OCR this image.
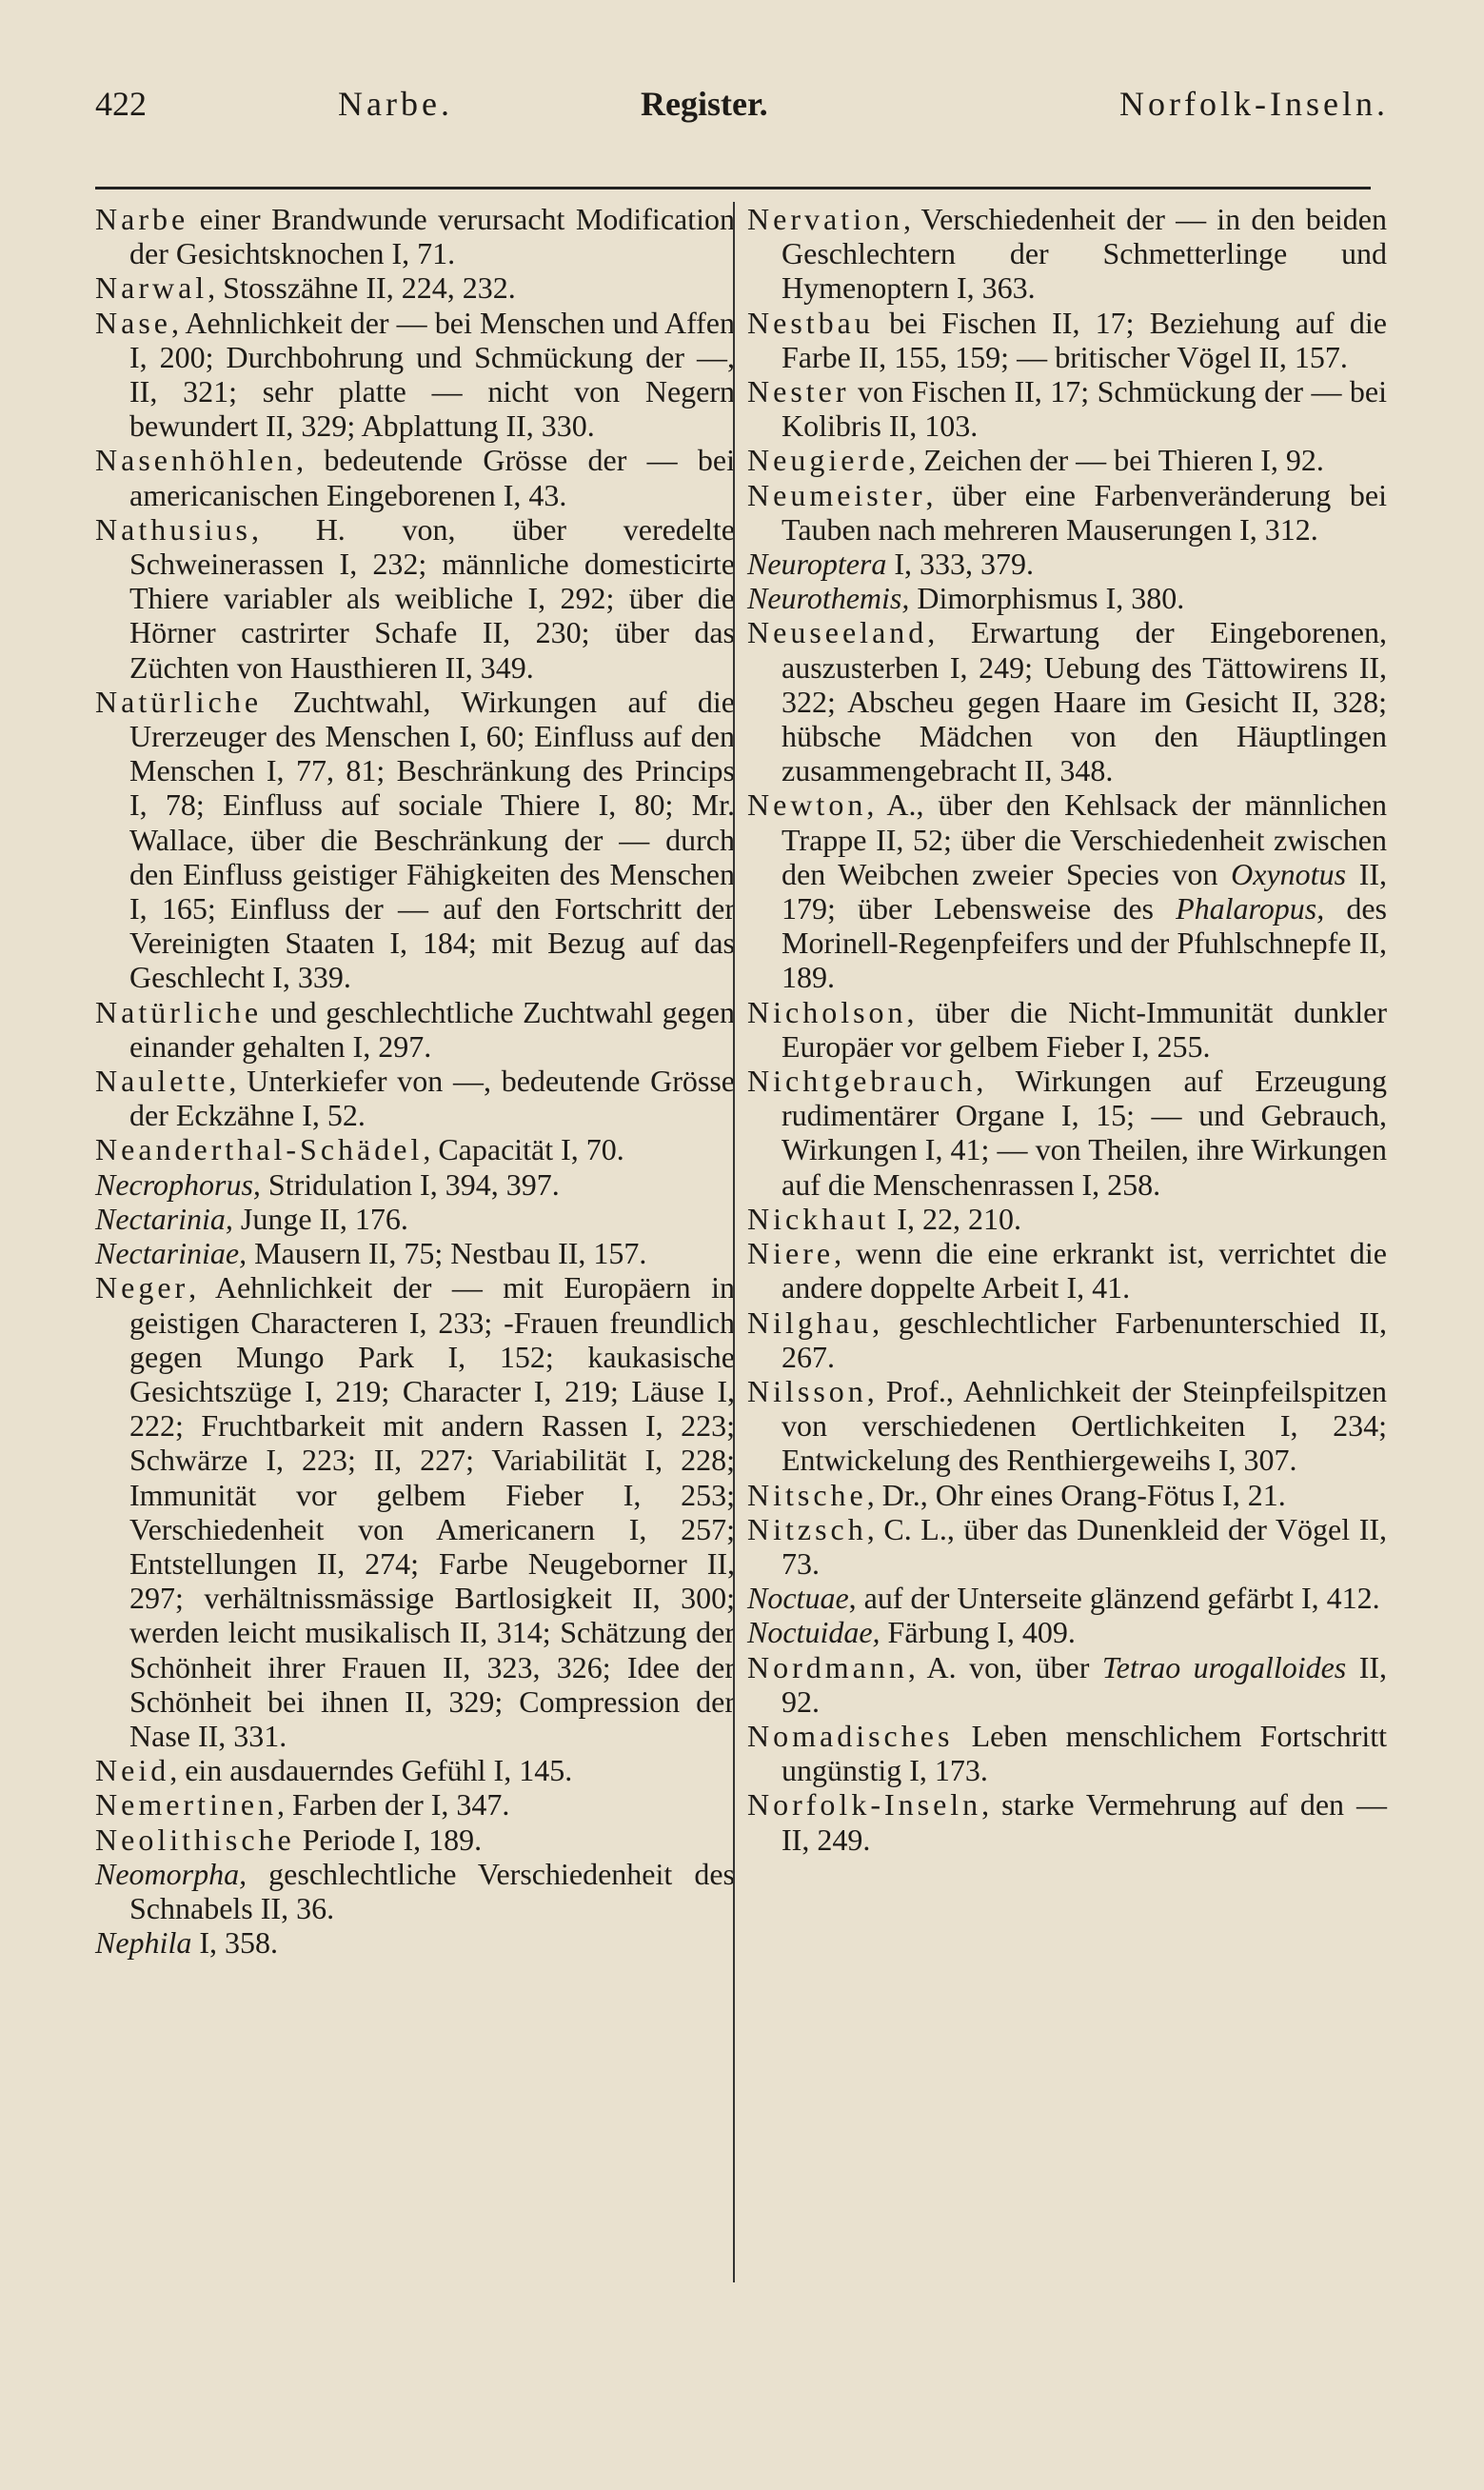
422	Narbe.	Register.	Norfolk-Inseln.
Narbe einer Brandwunde verursacht Modification der Gesichtsknochen I, 71.
Narwal, Stosszähne II, 224, 232.
Nase, Aehnlichkeit der — bei Menschen und Affen I, 200; Durchbohrung und Schmückung der —, II, 321; sehr platte — nicht von Negern bewundert II, 329; Abplattung II, 330.
Nasenhöhlen, bedeutende Grösse der — bei americanischen Eingeborenen I, 43.
Nathusius, H. von, über veredelte Schweinerassen I, 232; männliche domesticirte Thiere variabler als weibliche I, 292; über die Hörner castrirter Schafe II, 230; über das Züchten von Hausthieren II, 349.
Natürliche Zuchtwahl, Wirkungen auf die Urerzeuger des Menschen I, 60; Einfluss auf den Menschen I, 77, 81; Beschränkung des Princips I, 78; Einfluss auf sociale Thiere I, 80; Mr. Wallace, über die Beschränkung der — durch den Einfluss geistiger Fähigkeiten des Menschen I, 165; Einfluss der — auf den Fortschritt der Vereinigten Staaten I, 184; mit Bezug auf das Geschlecht I, 339.
Natürliche und geschlechtliche Zuchtwahl gegen einander gehalten I, 297.
Naulette, Unterkiefer von —, bedeutende Grösse der Eckzähne I, 52.
Neanderthal-Schädel, Capacität I, 70.
Necrophorus, Stridulation I, 394, 397.
Nectarinia, Junge II, 176.
Nectariniae, Mausern II, 75; Nestbau II, 157.
Neger, Aehnlichkeit der — mit Europäern in geistigen Characteren I, 233; -Frauen freundlich gegen Mungo Park I, 152; kaukasische Gesichtszüge I, 219; Character I, 219; Läuse I, 222; Fruchtbarkeit mit andern Rassen I, 223; Schwärze I, 223; II, 227; Variabilität I, 228; Immunität vor gelbem Fieber I, 253; Verschiedenheit von Americanern I, 257; Entstellungen II, 274; Farbe Neugeborner II, 297; verhältnissmässige Bartlosigkeit II, 300; werden leicht musikalisch II, 314; Schätzung der Schönheit ihrer Frauen II, 323, 326; Idee der Schönheit bei ihnen II, 329; Compression der Nase II, 331.
Neid, ein ausdauerndes Gefühl I, 145.
Nemertinen, Farben der I, 347.
Neolithische Periode I, 189.
Neomorpha, geschlechtliche Verschiedenheit des Schnabels II, 36.
Nephila I, 358.
Nervation, Verschiedenheit der — in den beiden Geschlechtern der Schmetterlinge und Hymenoptern I, 363.
Nestbau bei Fischen II, 17; Beziehung auf die Farbe II, 155, 159; — britischer Vögel II, 157.
Nester von Fischen II, 17; Schmückung der — bei Kolibris II, 103.
Neugierde, Zeichen der — bei Thieren I, 92.
Neumeister, über eine Farbenveränderung bei Tauben nach mehreren Mauserungen I, 312.
Neuroptera I, 333, 379.
Neurothemis, Dimorphismus I, 380.
Neuseeland, Erwartung der Eingeborenen, auszusterben I, 249; Uebung des Tättowirens II, 322; Abscheu gegen Haare im Gesicht II, 328; hübsche Mädchen von den Häuptlingen zusammengebracht II, 348.
Newton, A., über den Kehlsack der männlichen Trappe II, 52; über die Verschiedenheit zwischen den Weibchen zweier Species von Oxynotus II, 179; über Lebensweise des Phalaropus, des Morinell-Regenpfeifers und der Pfuhlschnepfe II, 189.
Nicholson, über die Nicht-Immunität dunkler Europäer vor gelbem Fieber I, 255.
Nichtgebrauch, Wirkungen auf Erzeugung rudimentärer Organe I, 15; — und Gebrauch, Wirkungen I, 41; — von Theilen, ihre Wirkungen auf die Menschenrassen I, 258.
Nickhaut I, 22, 210.
Niere, wenn die eine erkrankt ist, verrichtet die andere doppelte Arbeit I, 41.
Nilghau, geschlechtlicher Farbenunterschied II, 267.
Nilsson, Prof., Aehnlichkeit der Steinpfeilspitzen von verschiedenen Oertlichkeiten I, 234; Entwickelung des Renthiergeweihs I, 307.
Nitsche, Dr., Ohr eines Orang-Fötus I, 21.
Nitzsch, C. L., über das Dunenkleid der Vögel II, 73.
Noctuae, auf der Unterseite glänzend gefärbt I, 412.
Noctuidae, Färbung I, 409.
Nordmann, A. von, über Tetrao urogalloides II, 92.
Nomadisches Leben menschlichem Fortschritt ungünstig I, 173.
Norfolk-Inseln, starke Vermehrung auf den — II, 249.
